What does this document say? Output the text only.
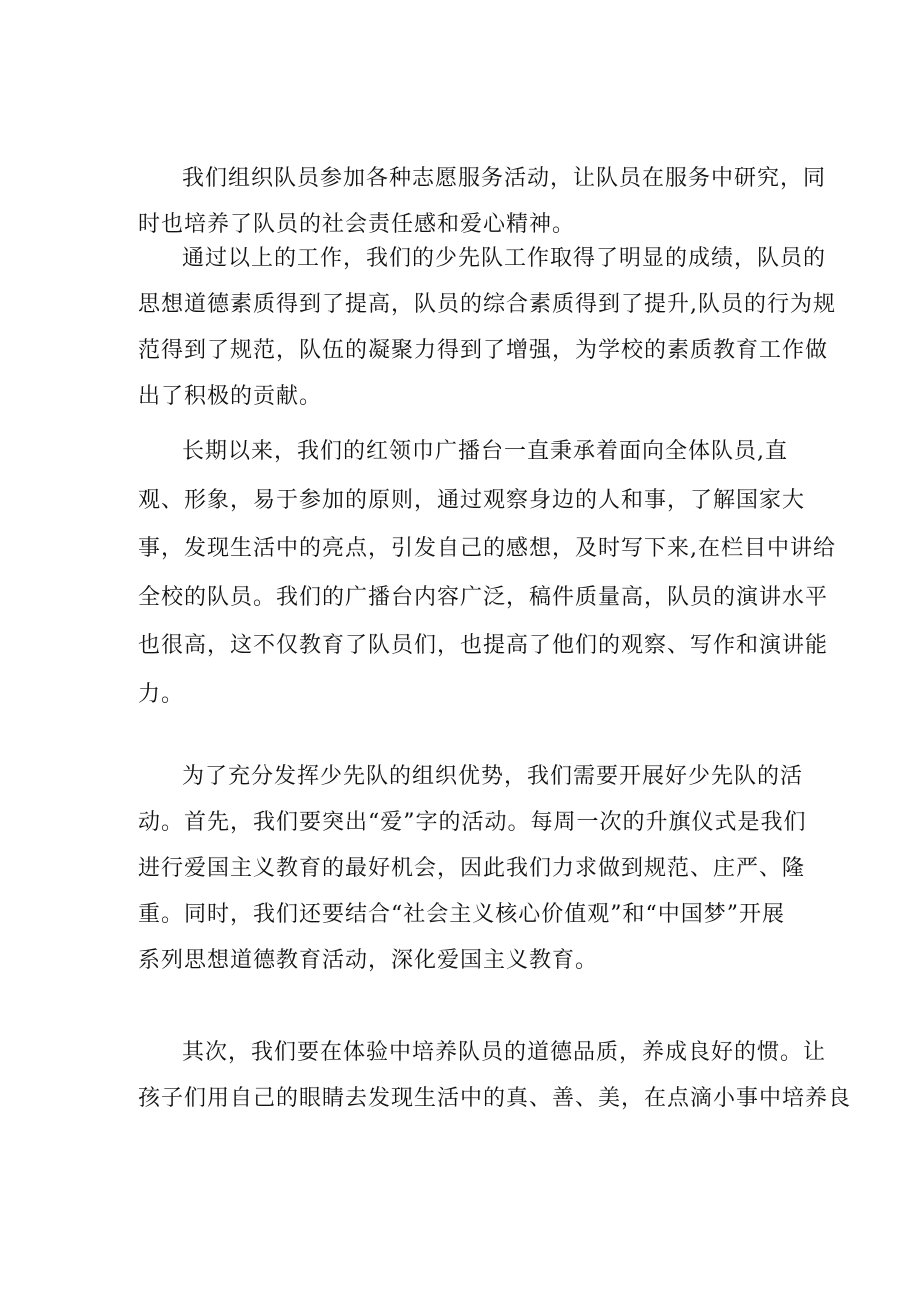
我们组织队员参加各种志愿服务活动，让队员在服务中研究，同
时也培养了队员的社会责任感和爱心精神。

通过以上的工作，我们的少先队工作取得了明显的成绩，队员的
思想道德素质得到了提高，队员的综合素质得到了提升,队员的行为规
范得到了规范，队伍的凝聚力得到了增强，为学校的素质教育工作做
出了积极的贡献。

长期以来，我们的红领巾广播台一直秉承着面向全体队员,直
观、形象，易于参加的原则，通过观察身边的人和事，了解国家大
事，发现生活中的亮点，引发自己的感想，及时写下来,在栏目中讲给
全校的队员。我们的广播台内容广泛，稿件质量高，队员的演讲水平
也很高，这不仅教育了队员们，也提高了他们的观察、写作和演讲能
力。

为了充分发挥少先队的组织优势，我们需要开展好少先队的活
动。首先，我们要突出“爱”字的活动。每周一次的升旗仪式是我们
进行爱国主义教育的最好机会，因此我们力求做到规范、庄严、隆
重。同时，我们还要结合“社会主义核心价值观”和“中国梦”开展
系列思想道德教育活动，深化爱国主义教育。

其次，我们要在体验中培养队员的道德品质，养成良好的惯。让
孩子们用自己的眼睛去发现生活中的真、善、美，在点滴小事中培养良
